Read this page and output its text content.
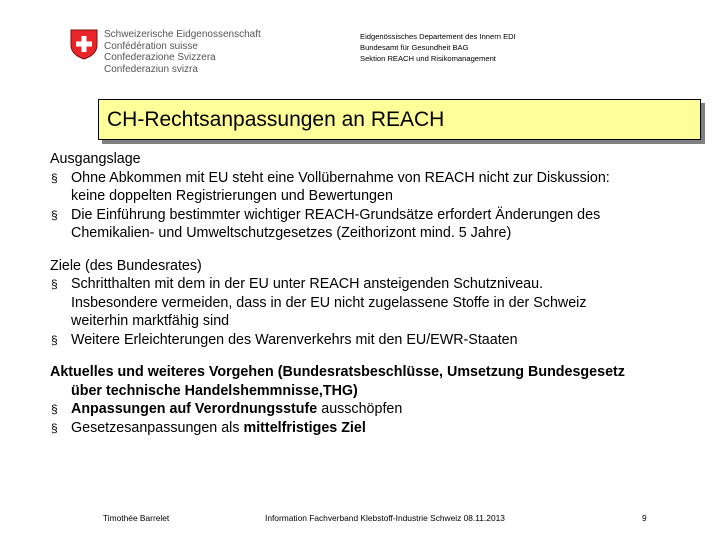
Schweizerische Eidgenossenschaft
Confédération suisse
Confederazione Svizzera
Confederaziun svizra
Eidgenössisches Departement des Innern EDI
Bundesamt für Gesundheit BAG
Sektion REACH und Risikomanagement
CH-Rechtsanpassungen an REACH
Ausgangslage
§ Ohne Abkommen mit EU steht eine Vollübernahme von REACH nicht zur Diskussion:
keine doppelten Registrierungen und Bewertungen
§ Die Einführung bestimmter wichtiger REACH-Grundsätze erfordert Änderungen des
Chemikalien- und Umweltschutzgesetzes (Zeithorizont mind. 5 Jahre)
Ziele (des Bundesrates)
§ Schritthalten mit dem in der EU unter REACH ansteigenden Schutzniveau.
Insbesondere vermeiden, dass in der EU nicht zugelassene Stoffe in der Schweiz
weiterhin marktfähig sind
§ Weitere Erleichterungen des Warenverkehrs mit den EU/EWR-Staaten
Aktuelles und weiteres Vorgehen (Bundesratsbeschlüsse, Umsetzung Bundesgesetz
über technische Handelshemmnisse,THG)
§ Anpassungen auf Verordnungsstufe ausschöpfen
§ Gesetzesanpassungen als mittelfristiges Ziel
Timothée Barrelet	Information Fachverband Klebstoff-Industrie Schweiz 08.11.2013	9
